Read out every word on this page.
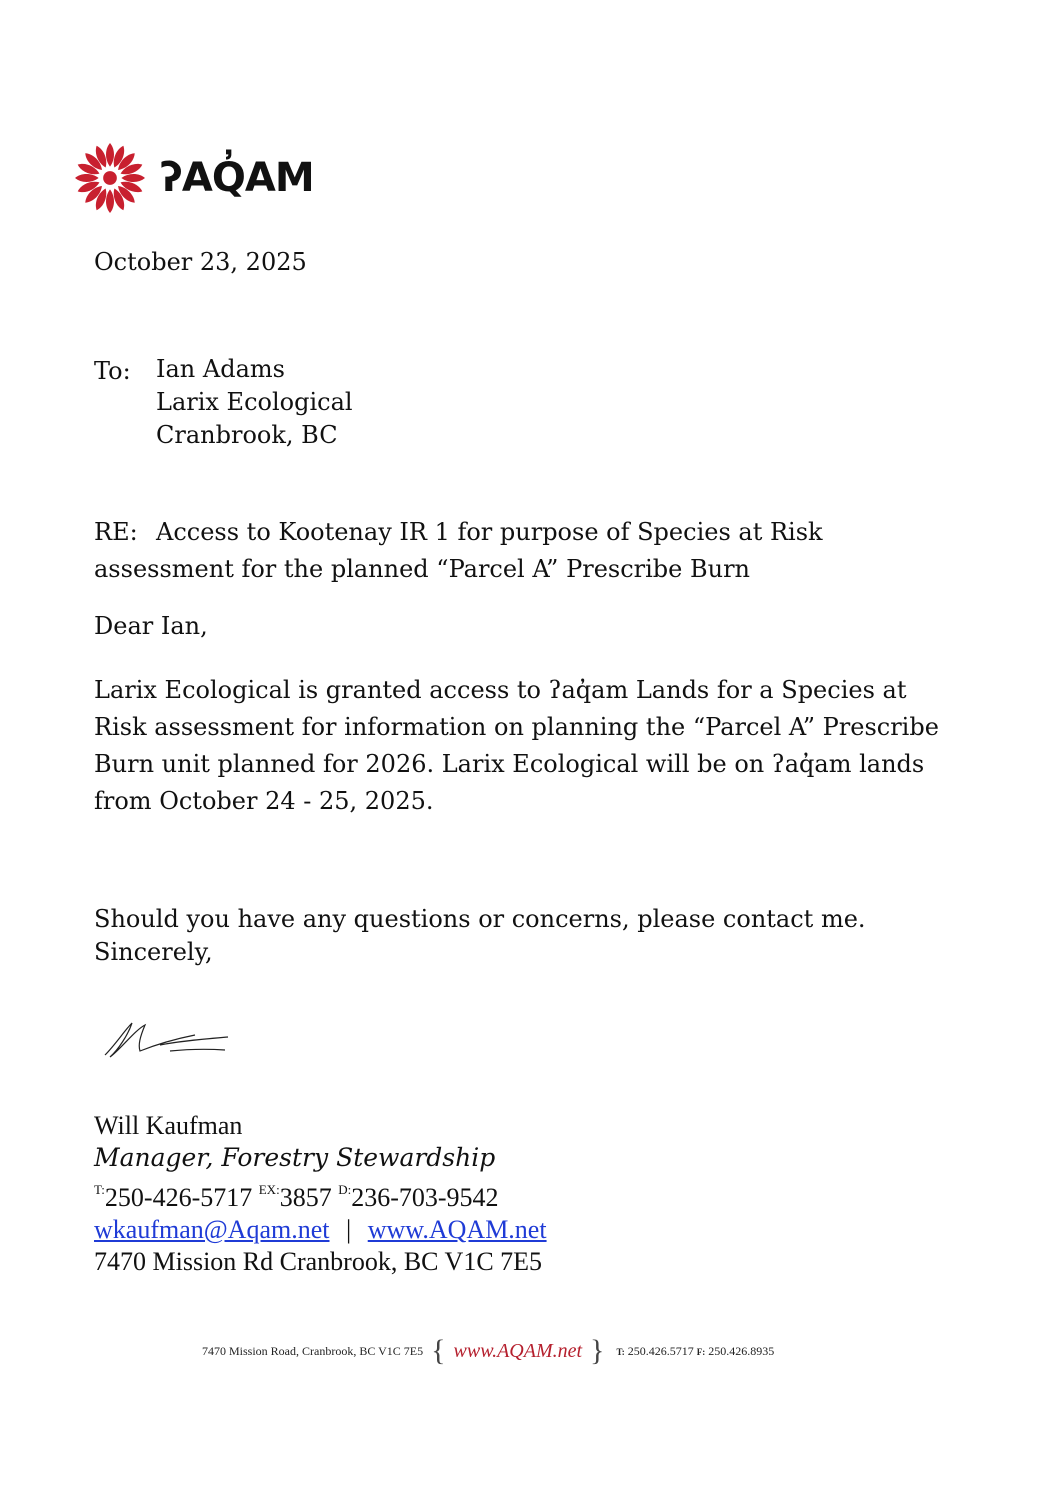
ʔAQ̓AM
October 23, 2025
To:	Ian Adams
Larix Ecological
Cranbrook, BC
RE: Access to Kootenay IR 1 for purpose of Species at Risk assessment for the planned “Parcel A” Prescribe Burn
Dear Ian,
Larix Ecological is granted access to ʔaq̓am Lands for a Species at Risk assessment for information on planning the “Parcel A” Prescribe Burn unit planned for 2026. Larix Ecological will be on ʔaq̓am lands from October 24 - 25, 2025.
Should you have any questions or concerns, please contact me.
Sincerely,
Will Kaufman
Manager, Forestry Stewardship
$^{T:}$250-426-5717 $^{EX:}$3857 $^{D:}$236-703-9542
wkaufman@Aqam.net | www.AQAM.net
7470 Mission Rd Cranbrook, BC V1C 7E5
7470 Mission Road, Cranbrook, BC V1C 7E5 { www.AQAM.net } T: 250.426.5717 F: 250.426.8935
